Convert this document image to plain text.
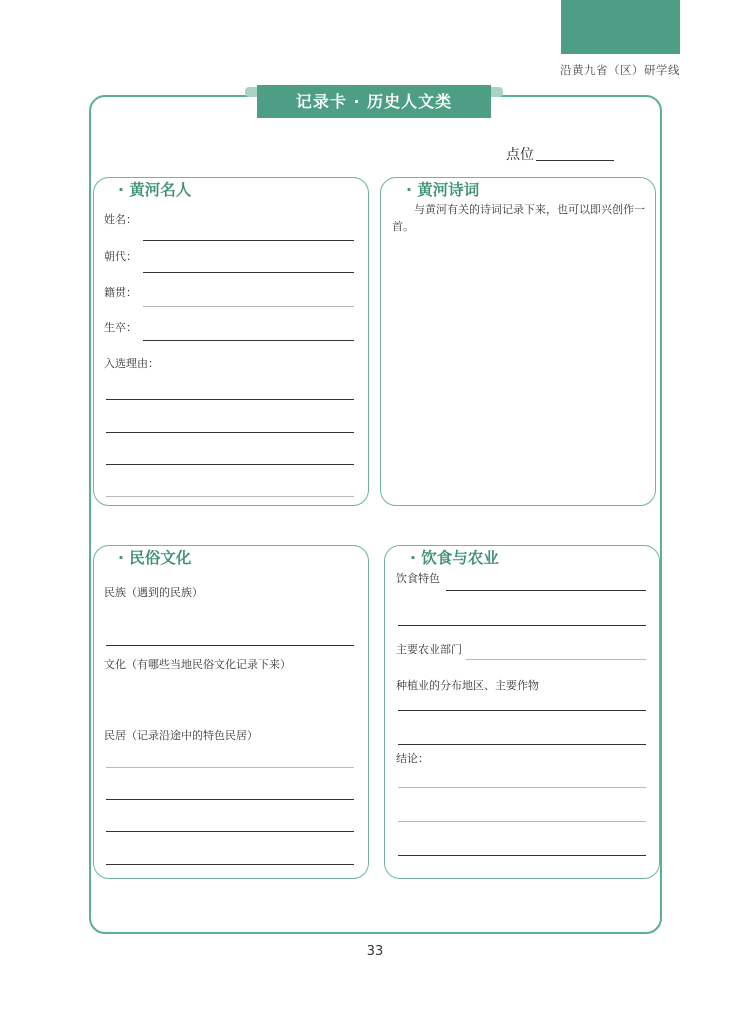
沿黄九省（区）研学线
记录卡 · 历史人文类
点位
· 黄河名人
姓名：
朝代：
籍贯：
生卒：
入选理由：
· 黄河诗词
与黄河有关的诗词记录下来，也可以即兴创作一首。
· 民俗文化
民族（遇到的民族）
文化（有哪些当地民俗文化记录下来）
民居（记录沿途中的特色民居）
· 饮食与农业
饮食特色
主要农业部门
种植业的分布地区、主要作物
结论：
33
